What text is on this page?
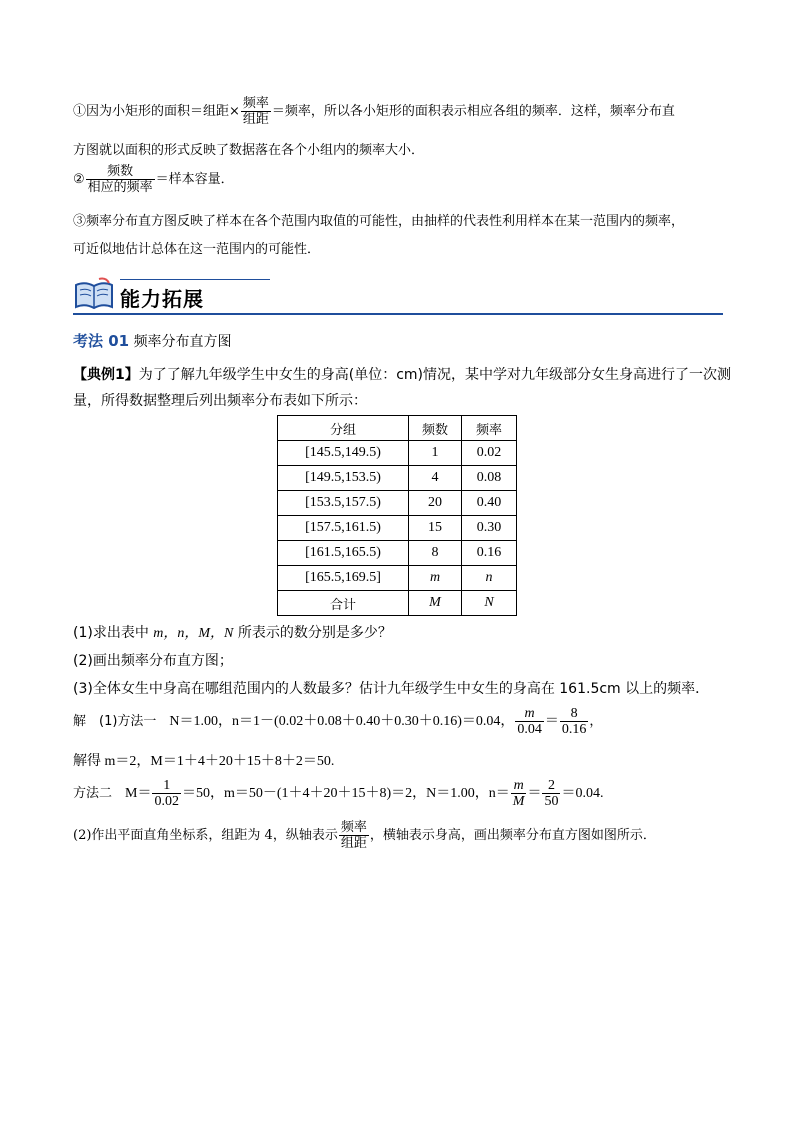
①因为小矩形的面积＝组距× $\frac{\text{频率}}{\text{组距}}$ ＝频率，所以各小矩形的面积表示相应各组的频率．这样，频率分布直
方图就以面积的形式反映了数据落在各个小组内的频率大小．
② $\frac{\text{频数}}{\text{相应的频率}}$ ＝样本容量．
③频率分布直方图反映了样本在各个范围内取值的可能性，由抽样的代表性利用样本在某一范围内的频率，
可近似地估计总体在这一范围内的可能性．
能力拓展
考法 01 频率分布直方图
【典例1】为了了解九年级学生中女生的身高(单位：cm)情况，某中学对九年级部分女生身高进行了一次测
量，所得数据整理后列出频率分布表如下所示：
分组	频数	频率
[145.5,149.5)	1	0.02
[149.5,153.5)	4	0.08
[153.5,157.5)	20	0.40
[157.5,161.5)	15	0.30
[161.5,165.5)	8	0.16
[165.5,169.5]	m	n
合计	M	N
(1)求出表中 m，n，M，N 所表示的数分别是多少？
(2)画出频率分布直方图；
(3)全体女生中身高在哪组范围内的人数最多？估计九年级学生中女生的身高在 161.5cm 以上的频率．
解　(1)方法一　N＝1.00，n＝1－(0.02＋0.08＋0.40＋0.30＋0.16)＝0.04， $\frac{m}{0.04} = \frac{8}{0.16}$ ，
解得 m＝2，M＝1＋4＋20＋15＋8＋2＝50.
方法二　$M= \frac{1}{0.02} =50$，m＝50－(1＋4＋20＋15＋8)＝2，N＝1.00，$n= \frac{m}{M} = \frac{2}{50} =0.04$.
(2)作出平面直角坐标系，组距为 4，纵轴表示 $\frac{\text{频率}}{\text{组距}}$ ，横轴表示身高，画出频率分布直方图如图所示．
